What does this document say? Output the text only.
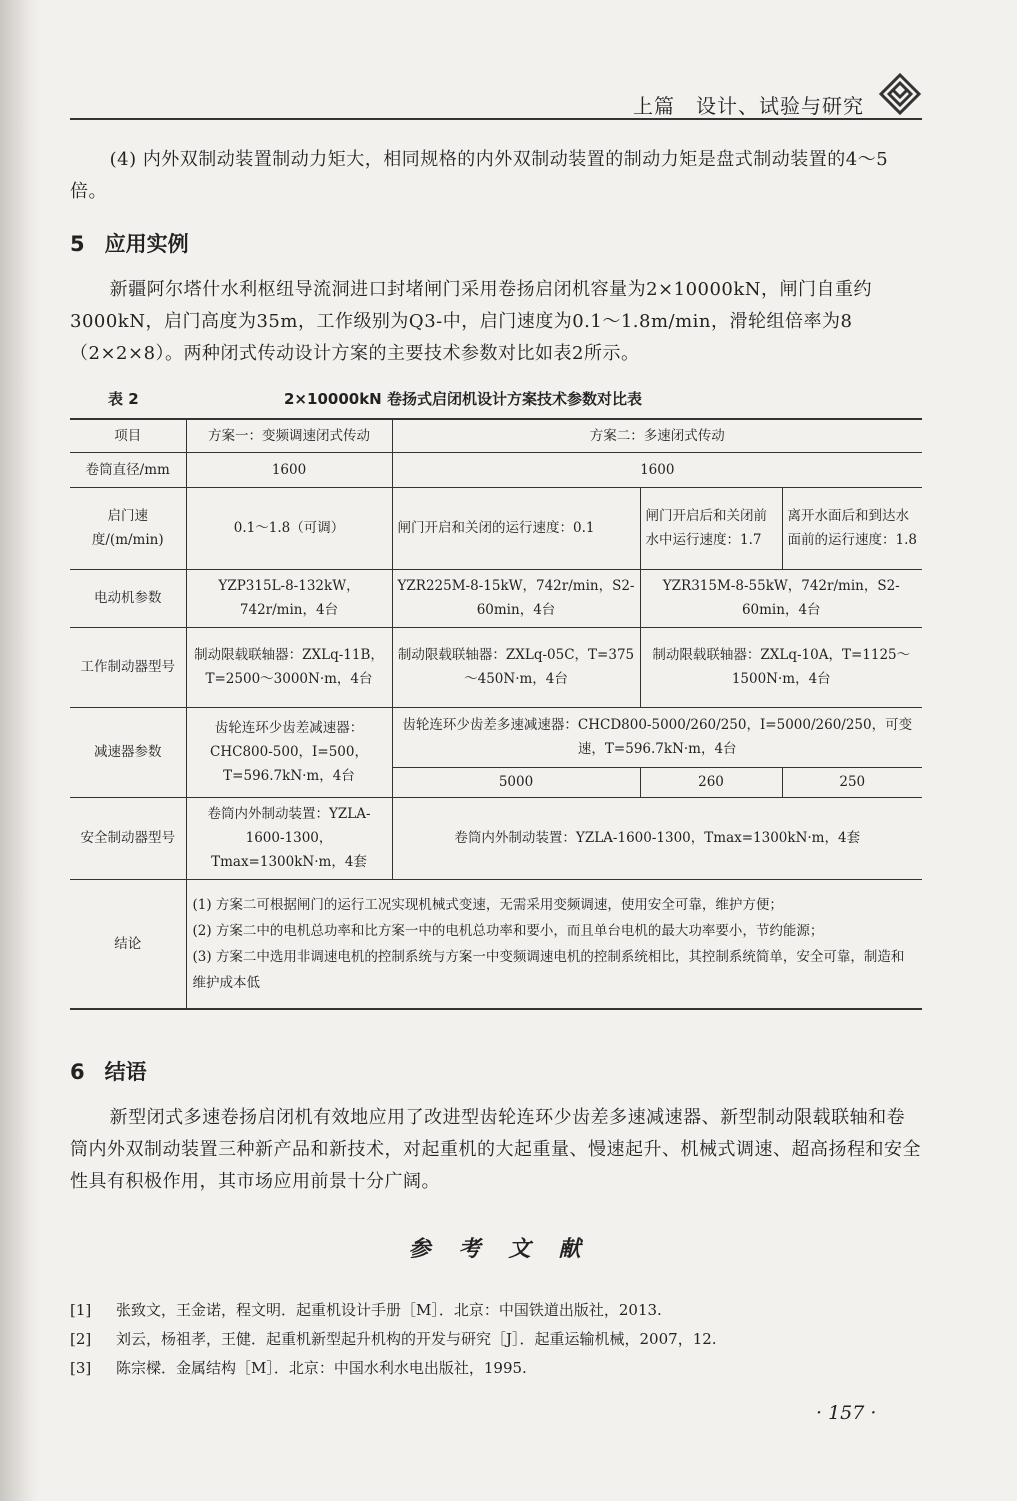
上篇　设计、试验与研究
(4) 内外双制动装置制动力矩大，相同规格的内外双制动装置的制动力矩是盘式制动装置的4～5倍。
5 应用实例
新疆阿尔塔什水利枢纽导流洞进口封堵闸门采用卷扬启闭机容量为2×10000kN，闸门自重约3000kN，启门高度为35m，工作级别为Q3-中，启门速度为0.1～1.8m/min，滑轮组倍率为8（2×2×8）。两种闭式传动设计方案的主要技术参数对比如表2所示。
表 2	2×10000kN 卷扬式启闭机设计方案技术参数对比表
项目	方案一：变频调速闭式传动	方案二：多速闭式传动		
卷筒直径/mm	1600	1600		
启门速度/(m/min)	0.1～1.8（可调）	闸门开启和关闭的运行速度：0.1	闸门开启后和关闭前水中运行速度：1.7	离开水面后和到达水面前的运行速度：1.8
电动机参数	YZP315L-8-132kW，742r/min，4台	YZR225M-8-15kW，742r/min，S2-60min，4台	YZR315M-8-55kW，742r/min，S2-60min，4台	
工作制动器型号	制动限载联轴器：ZXLq-11B，T=2500～3000N·m，4台	制动限载联轴器：ZXLq-05C，T=375～450N·m，4台	制动限载联轴器：ZXLq-10A，T=1125～1500N·m，4台	
减速器参数	齿轮连环少齿差减速器：CHC800-500，I=500，T=596.7kN·m，4台	齿轮连环少齿差多速减速器：CHCD800-5000/260/250，I=5000/260/250，可变速，T=596.7kN·m，4台		
		5000	260	250
安全制动器型号	卷筒内外制动装置：YZLA-1600-1300，Tmax=1300kN·m，4套	卷筒内外制动装置：YZLA-1600-1300，Tmax=1300kN·m，4套		
结论	(1) 方案二可根据闸门的运行工况实现机械式变速，无需采用变频调速，使用安全可靠，维护方便；
(2) 方案二中的电机总功率和比方案一中的电机总功率和要小，而且单台电机的最大功率要小，节约能源；
(3) 方案二中选用非调速电机的控制系统与方案一中变频调速电机的控制系统相比，其控制系统简单，安全可靠，制造和维护成本低			
6 结语
新型闭式多速卷扬启闭机有效地应用了改进型齿轮连环少齿差多速减速器、新型制动限载联轴和卷筒内外双制动装置三种新产品和新技术，对起重机的大起重量、慢速起升、机械式调速、超高扬程和安全性具有积极作用，其市场应用前景十分广阔。
参考文献
[1] 张致文，王金诺，程文明．起重机设计手册［M］．北京：中国铁道出版社，2013.
[2] 刘云，杨祖孝，王健．起重机新型起升机构的开发与研究［J］．起重运输机械，2007，12.
[3] 陈宗樑．金属结构［M］．北京：中国水利水电出版社，1995.
· 157 ·
